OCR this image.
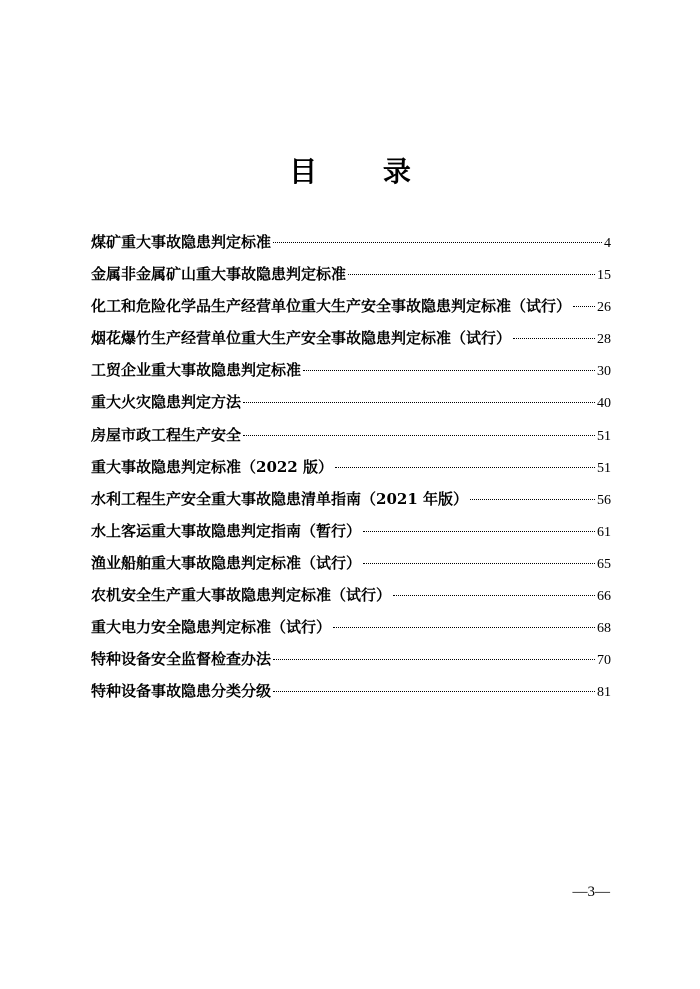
目 录
煤矿重大事故隐患判定标准	4
金属非金属矿山重大事故隐患判定标准	15
化工和危险化学品生产经营单位重大生产安全事故隐患判定标准（试行） 26
烟花爆竹生产经营单位重大生产安全事故隐患判定标准（试行）	28
工贸企业重大事故隐患判定标准	30
重大火灾隐患判定方法	40
房屋市政工程生产安全	51
重大事故隐患判定标准（2022 版）	51
水利工程生产安全重大事故隐患清单指南（2021 年版）	56
水上客运重大事故隐患判定指南（暂行）	61
渔业船舶重大事故隐患判定标准（试行）	65
农机安全生产重大事故隐患判定标准（试行）	66
重大电力安全隐患判定标准（试行）	68
特种设备安全监督检查办法	70
特种设备事故隐患分类分级	81
—3—
